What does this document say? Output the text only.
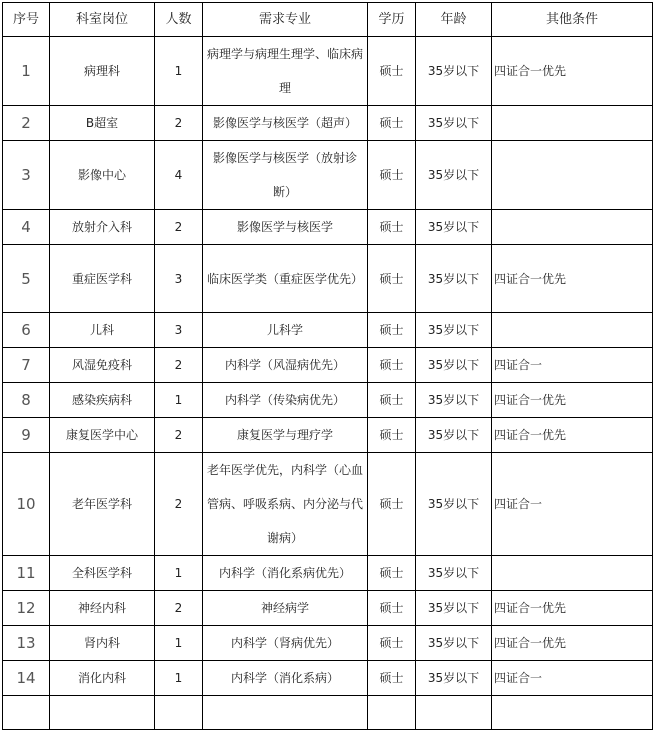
序号	科室岗位	人数	需求专业	学历	年龄	其他条件
1	病理科	1	病理学与病理生理学、临床病理	硕士	35岁以下	四证合一优先
2	B超室	2	影像医学与核医学（超声）	硕士	35岁以下	
3	影像中心	4	影像医学与核医学（放射诊断）	硕士	35岁以下	
4	放射介入科	2	影像医学与核医学	硕士	35岁以下	
5	重症医学科	3	临床医学类（重症医学优先）	硕士	35岁以下	四证合一优先
6	儿科	3	儿科学	硕士	35岁以下	
7	风湿免疫科	2	内科学（风湿病优先）	硕士	35岁以下	四证合一
8	感染疾病科	1	内科学（传染病优先）	硕士	35岁以下	四证合一优先
9	康复医学中心	2	康复医学与理疗学	硕士	35岁以下	四证合一优先
10	老年医学科	2	老年医学优先，内科学（心血管病、呼吸系病、内分泌与代谢病）	硕士	35岁以下	四证合一
11	全科医学科	1	内科学（消化系病优先）	硕士	35岁以下	
12	神经内科	2	神经病学	硕士	35岁以下	四证合一优先
13	肾内科	1	内科学（肾病优先）	硕士	35岁以下	四证合一优先
14	消化内科	1	内科学（消化系病）	硕士	35岁以下	四证合一
